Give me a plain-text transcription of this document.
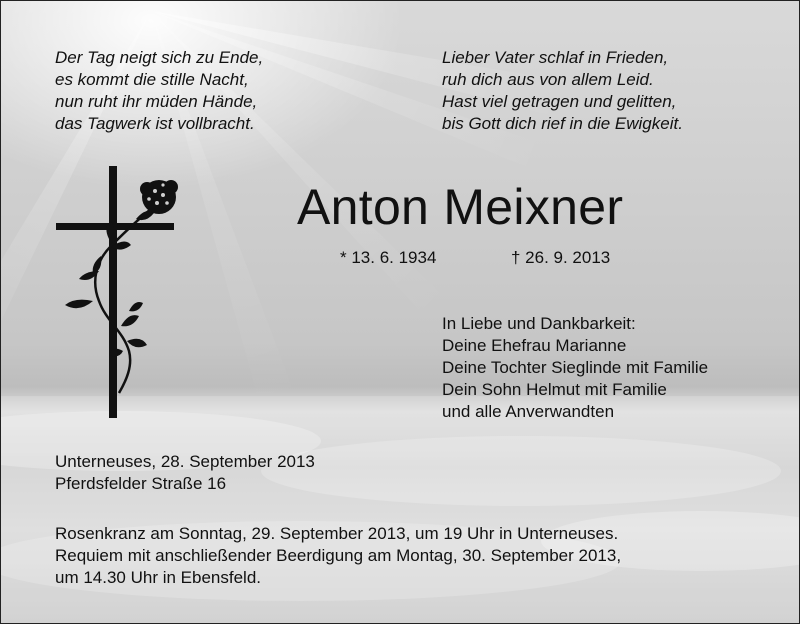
Der Tag neigt sich zu Ende,
es kommt die stille Nacht,
nun ruht ihr müden Hände,
das Tagwerk ist vollbracht.
Lieber Vater schlaf in Frieden,
ruh dich aus von allem Leid.
Hast viel getragen und gelitten,
bis Gott dich rief in die Ewigkeit.
Anton Meixner
* 13. 6. 1934	† 26. 9. 2013
In Liebe und Dankbarkeit:
Deine Ehefrau Marianne
Deine Tochter Sieglinde mit Familie
Dein Sohn Helmut mit Familie
und alle Anverwandten
Unterneuses, 28. September 2013
Pferdsfelder Straße 16
Rosenkranz am Sonntag, 29. September 2013, um 19 Uhr in Unterneuses.
Requiem mit anschließender Beerdigung am Montag, 30. September 2013,
um 14.30 Uhr in Ebensfeld.
